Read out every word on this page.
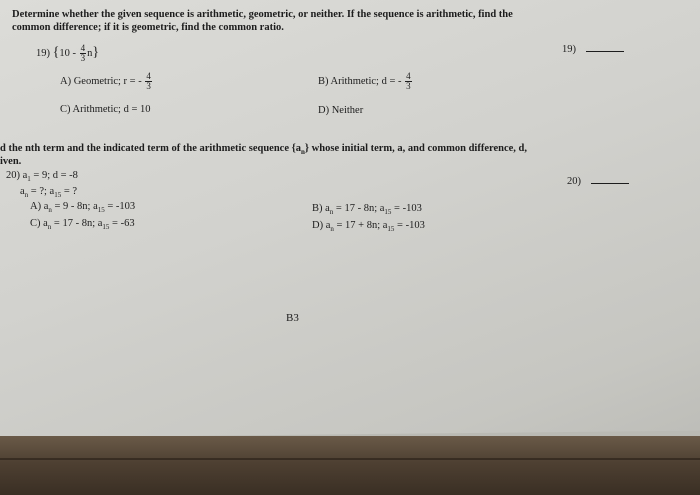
Determine whether the given sequence is arithmetic, geometric, or neither. If the sequence is arithmetic, find the
common difference; if it is geometric, find the common ratio.
19) $\{10 - \frac{4}{3} n\}$	19)
A) Geometric; r = - $\frac{4}{3}$	B) Arithmetic; d = - $\frac{4}{3}$
C) Arithmetic; d = 10	D) Neither
d the nth term and the indicated term of the arithmetic sequence $\{a_n\}$ whose initial term, a, and common difference, d,
iven.
20) $a_1 = 9$; d = -8
20)
$a_n$ = ?; $a_{15}$ = ?
A) $a_n = 9 - 8n$; $a_{15} = -103$
C) $a_n = 17 - 8n$; $a_{15} = -63$
B) $a_n = 17 - 8n$; $a_{15} = -103$
D) $a_n = 17 + 8n$; $a_{15} = -103$
B3
